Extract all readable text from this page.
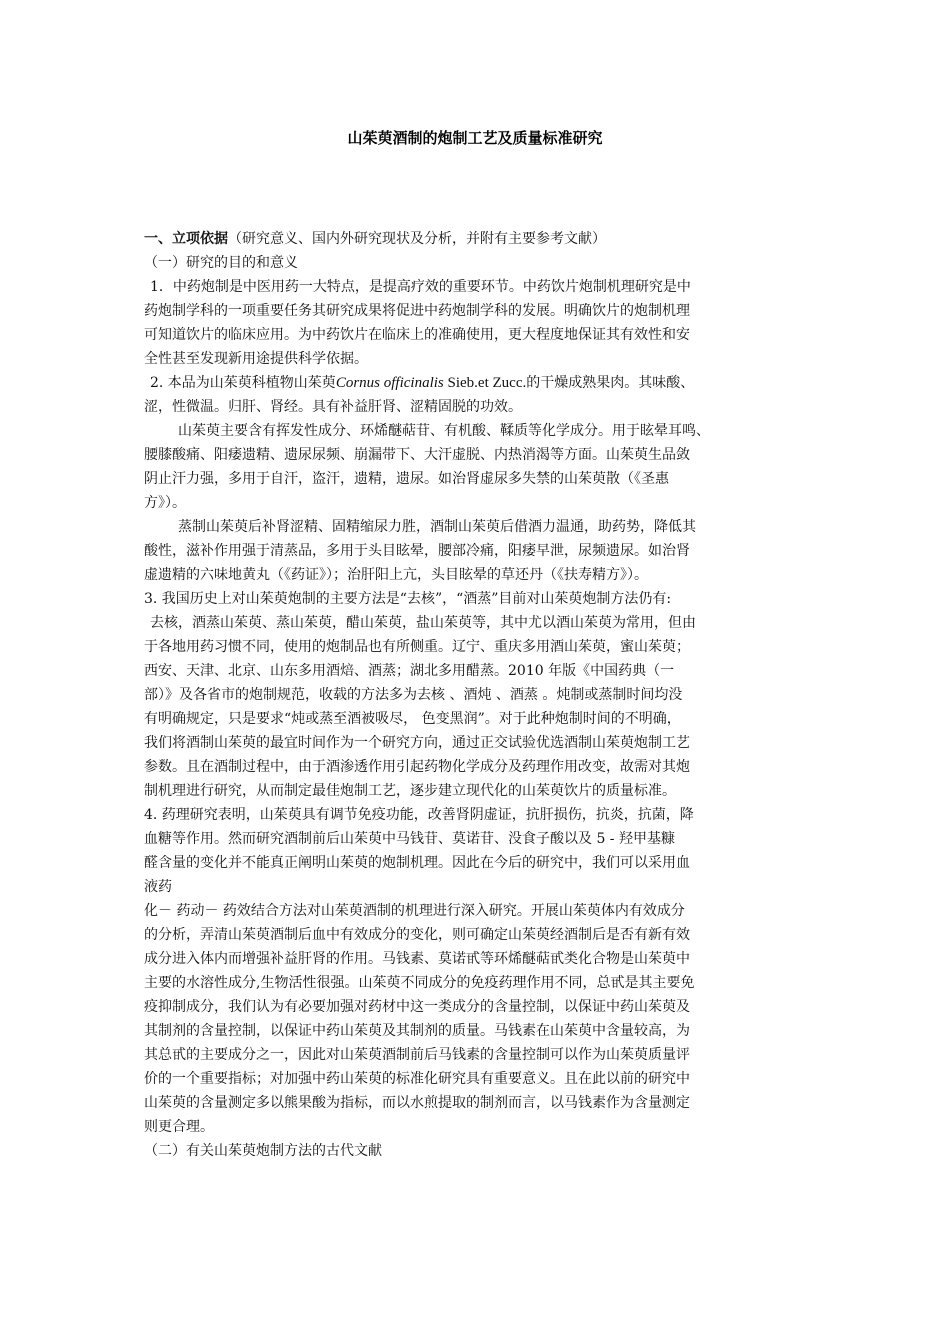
山茱萸酒制的炮制工艺及质量标准研究
一、立项依据（研究意义、国内外研究现状及分析，并附有主要参考文献）
（一）研究的目的和意义
1．中药炮制是中医用药一大特点，是提高疗效的重要环节。中药饮片炮制机理研究是中
药炮制学科的一项重要任务其研究成果将促进中药炮制学科的发展。明确饮片的炮制机理
可知道饮片的临床应用。为中药饮片在临床上的准确使用，更大程度地保证其有效性和安
全性甚至发现新用途提供科学依据。
2. 本品为山茱萸科植物山茱萸Cornus officinalis Sieb.et Zucc.的干燥成熟果肉。其味酸、
涩，性微温。归肝、肾经。具有补益肝肾、涩精固脱的功效。
山茱萸主要含有挥发性成分、环烯醚萜苷、有机酸、鞣质等化学成分。用于眩晕耳鸣、
腰膝酸痛、阳痿遗精、遗尿尿频、崩漏带下、大汗虚脱、内热消渴等方面。山茱萸生品敛
阴止汗力强，多用于自汗，盗汗，遗精，遗尿。如治肾虚尿多失禁的山茱萸散（《圣惠
方》）。
蒸制山茱萸后补肾涩精、固精缩尿力胜，酒制山茱萸后借酒力温通，助药势，降低其
酸性，滋补作用强于清蒸品，多用于头目眩晕，腰部冷痛，阳痿早泄，尿频遗尿。如治肾
虚遗精的六味地黄丸（《药证》）；治肝阳上亢，头目眩晕的草还丹（《扶寿精方》）。
3. 我国历史上对山茱萸炮制的主要方法是“去核”，“酒蒸”目前对山茱萸炮制方法仍有:
去核，酒蒸山茱萸、蒸山茱萸，醋山茱萸，盐山茱萸等，其中尤以酒山茱萸为常用，但由
于各地用药习惯不同，使用的炮制品也有所侧重。辽宁、重庆多用酒山茱萸，蜜山茱萸；
西安、天津、北京、山东多用酒焙、酒蒸；湖北多用醋蒸。2010 年版《中国药典（一
部）》及各省市的炮制规范，收载的方法多为去核 、酒炖 、酒蒸 。炖制或蒸制时间均没
有明确规定，只是要求“炖或蒸至酒被吸尽， 色变黑润”。对于此种炮制时间的不明确，
我们将酒制山茱萸的最宜时间作为一个研究方向，通过正交试验优选酒制山茱萸炮制工艺
参数。且在酒制过程中，由于酒渗透作用引起药物化学成分及药理作用改变，故需对其炮
制机理进行研究，从而制定最佳炮制工艺，逐步建立现代化的山茱萸饮片的质量标准。
4. 药理研究表明，山茱萸具有调节免疫功能，改善肾阴虚证，抗肝损伤，抗炎，抗菌，降
血糖等作用。然而研究酒制前后山茱萸中马钱苷、莫诺苷、没食子酸以及 5 - 羟甲基糠
醛含量的变化并不能真正阐明山茱萸的炮制机理。因此在今后的研究中，我们可以采用血
液药
化－ 药动－ 药效结合方法对山茱萸酒制的机理进行深入研究。开展山茱萸体内有效成分
的分析，弄清山茱萸酒制后血中有效成分的变化，则可确定山茱萸经酒制后是否有新有效
成分进入体内而增强补益肝肾的作用。马钱素、莫诺甙等环烯醚萜甙类化合物是山茱萸中
主要的水溶性成分,生物活性很强。山茱萸不同成分的免疫药理作用不同，总甙是其主要免
疫抑制成分，我们认为有必要加强对药材中这一类成分的含量控制，以保证中药山茱萸及
其制剂的含量控制，以保证中药山茱萸及其制剂的质量。马钱素在山茱萸中含量较高，为
其总甙的主要成分之一，因此对山茱萸酒制前后马钱素的含量控制可以作为山茱萸质量评
价的一个重要指标；对加强中药山茱萸的标准化研究具有重要意义。且在此以前的研究中
山茱萸的含量测定多以熊果酸为指标，而以水煎提取的制剂而言，以马钱素作为含量测定
则更合理。
（二）有关山茱萸炮制方法的古代文献
